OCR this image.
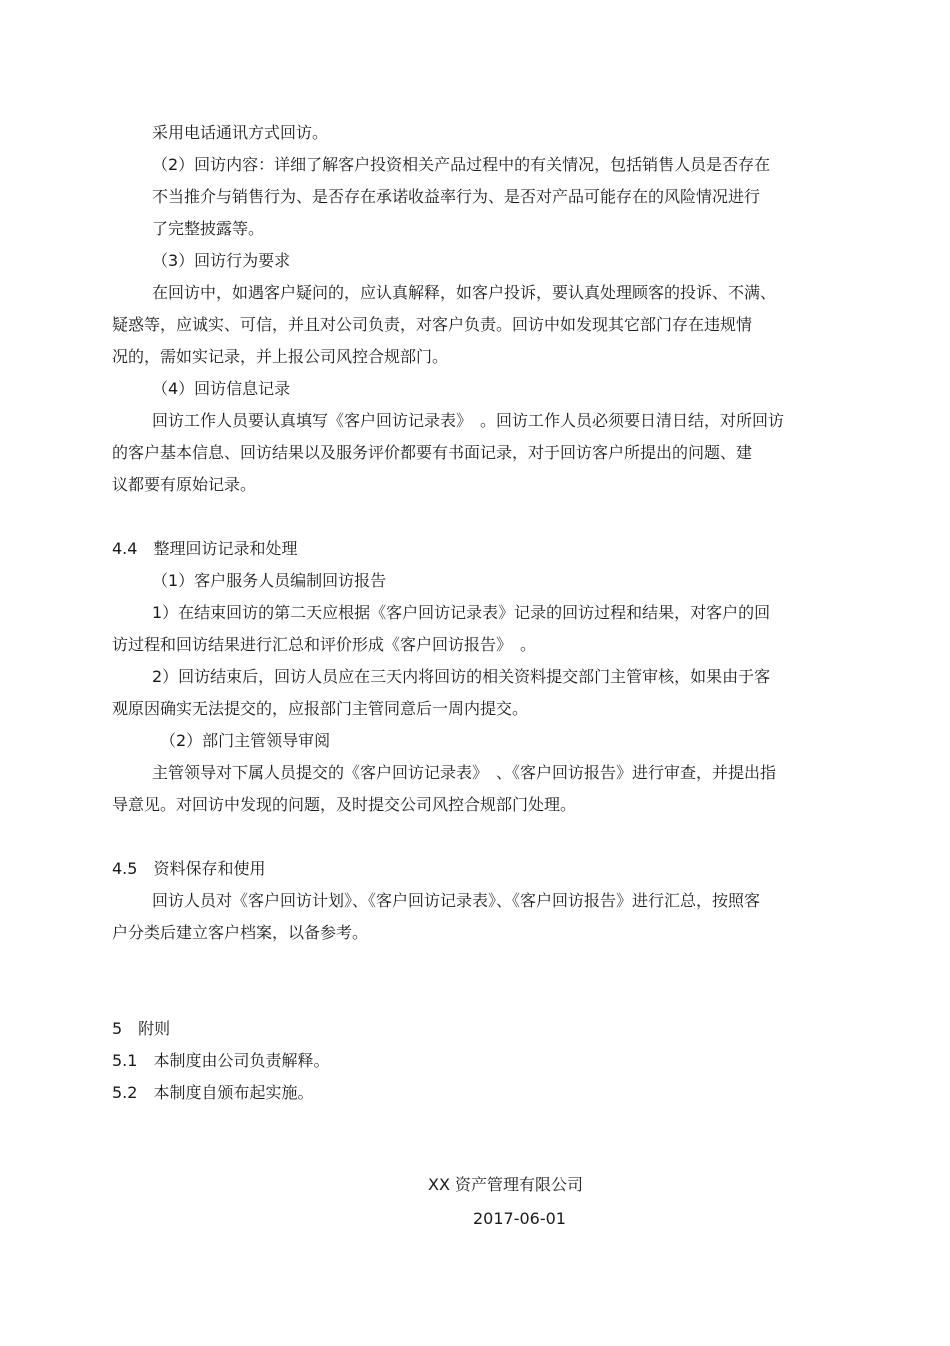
采用电话通讯方式回访。
（2）回访内容：详细了解客户投资相关产品过程中的有关情况，包括销售人员是否存在
不当推介与销售行为、是否存在承诺收益率行为、是否对产品可能存在的风险情况进行
了完整披露等。
（3）回访行为要求
在回访中，如遇客户疑问的，应认真解释，如客户投诉，要认真处理顾客的投诉、不满、
疑惑等，应诚实、可信，并且对公司负责，对客户负责。回访中如发现其它部门存在违规情
况的，需如实记录，并上报公司风控合规部门。
（4）回访信息记录
回访工作人员要认真填写《客户回访记录表》　。回访工作人员必须要日清日结，对所回访
的客户基本信息、回访结果以及服务评价都要有书面记录，对于回访客户所提出的问题、建
议都要有原始记录。
4.4　整理回访记录和处理
（1）客户服务人员编制回访报告
1）在结束回访的第二天应根据《客户回访记录表》记录的回访过程和结果，对客户的回
访过程和回访结果进行汇总和评价形成《客户回访报告》　。
2）回访结束后，回访人员应在三天内将回访的相关资料提交部门主管审核，如果由于客
观原因确实无法提交的，应报部门主管同意后一周内提交。
（2）部门主管领导审阅
主管领导对下属人员提交的《客户回访记录表》　、《客户回访报告》进行审查，并提出指
导意见。对回访中发现的问题，及时提交公司风控合规部门处理。
4.5　资料保存和使用
回访人员对《客户回访计划》、《客户回访记录表》、《客户回访报告》进行汇总，按照客
户分类后建立客户档案，以备参考。
5　附则
5.1　本制度由公司负责解释。
5.2　本制度自颁布起实施。
XX 资产管理有限公司
2017-06-01
